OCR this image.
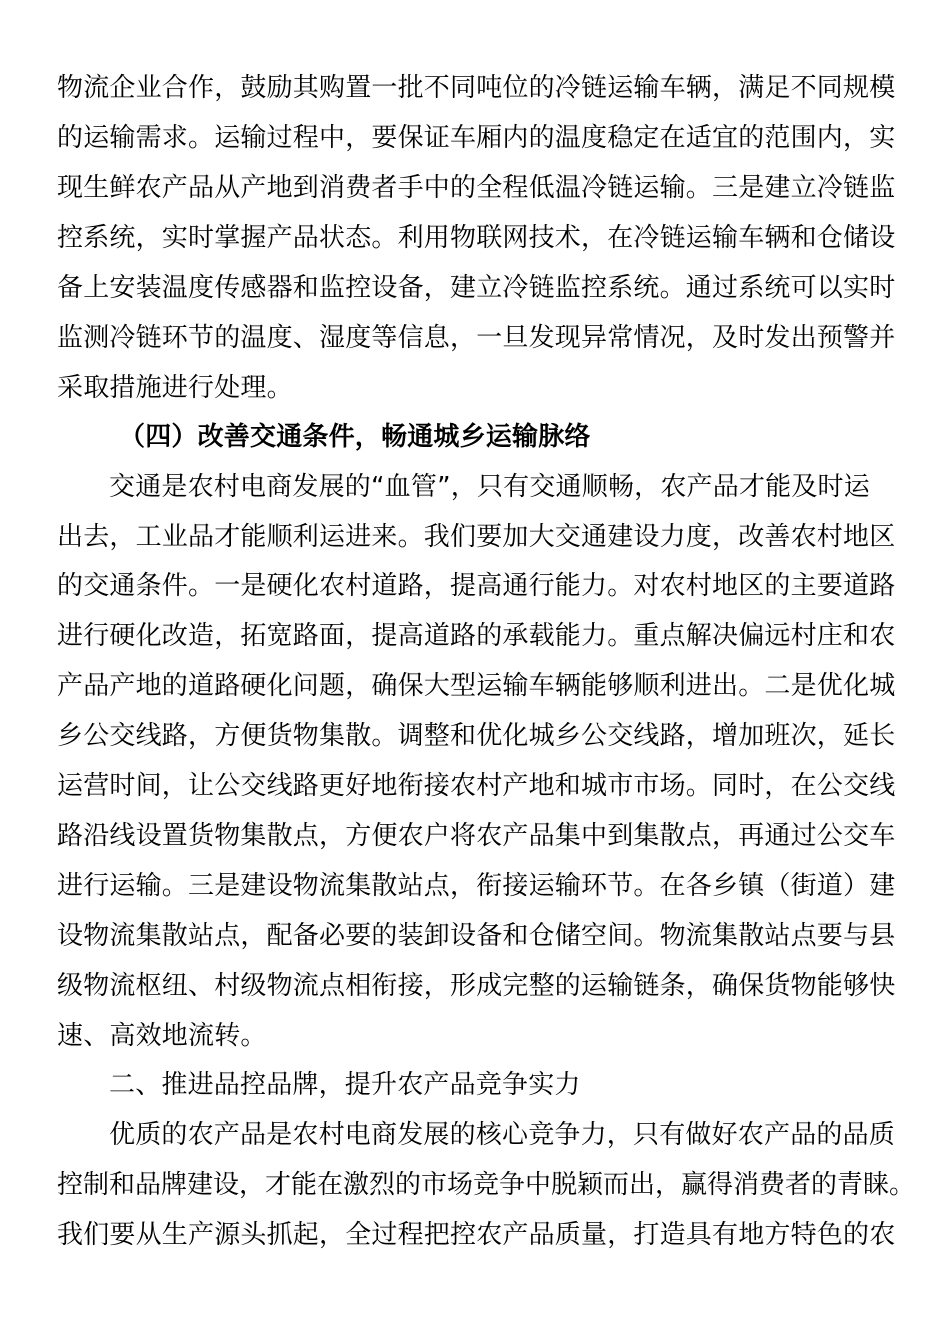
物流企业合作，鼓励其购置一批不同吨位的冷链运输车辆，满足不同规模
的运输需求。运输过程中，要保证车厢内的温度稳定在适宜的范围内，实
现生鲜农产品从产地到消费者手中的全程低温冷链运输。三是建立冷链监
控系统，实时掌握产品状态。利用物联网技术，在冷链运输车辆和仓储设
备上安装温度传感器和监控设备，建立冷链监控系统。通过系统可以实时
监测冷链环节的温度、湿度等信息，一旦发现异常情况，及时发出预警并
采取措施进行处理。
（四）改善交通条件，畅通城乡运输脉络
交通是农村电商发展的“血管”，只有交通顺畅，农产品才能及时运
出去，工业品才能顺利运进来。我们要加大交通建设力度，改善农村地区
的交通条件。一是硬化农村道路，提高通行能力。对农村地区的主要道路
进行硬化改造，拓宽路面，提高道路的承载能力。重点解决偏远村庄和农
产品产地的道路硬化问题，确保大型运输车辆能够顺利进出。二是优化城
乡公交线路，方便货物集散。调整和优化城乡公交线路，增加班次，延长
运营时间，让公交线路更好地衔接农村产地和城市市场。同时，在公交线
路沿线设置货物集散点，方便农户将农产品集中到集散点，再通过公交车
进行运输。三是建设物流集散站点，衔接运输环节。在各乡镇（街道）建
设物流集散站点，配备必要的装卸设备和仓储空间。物流集散站点要与县
级物流枢纽、村级物流点相衔接，形成完整的运输链条，确保货物能够快
速、高效地流转。
二、推进品控品牌，提升农产品竞争实力
优质的农产品是农村电商发展的核心竞争力，只有做好农产品的品质
控制和品牌建设，才能在激烈的市场竞争中脱颖而出，赢得消费者的青睐。
我们要从生产源头抓起，全过程把控农产品质量，打造具有地方特色的农
